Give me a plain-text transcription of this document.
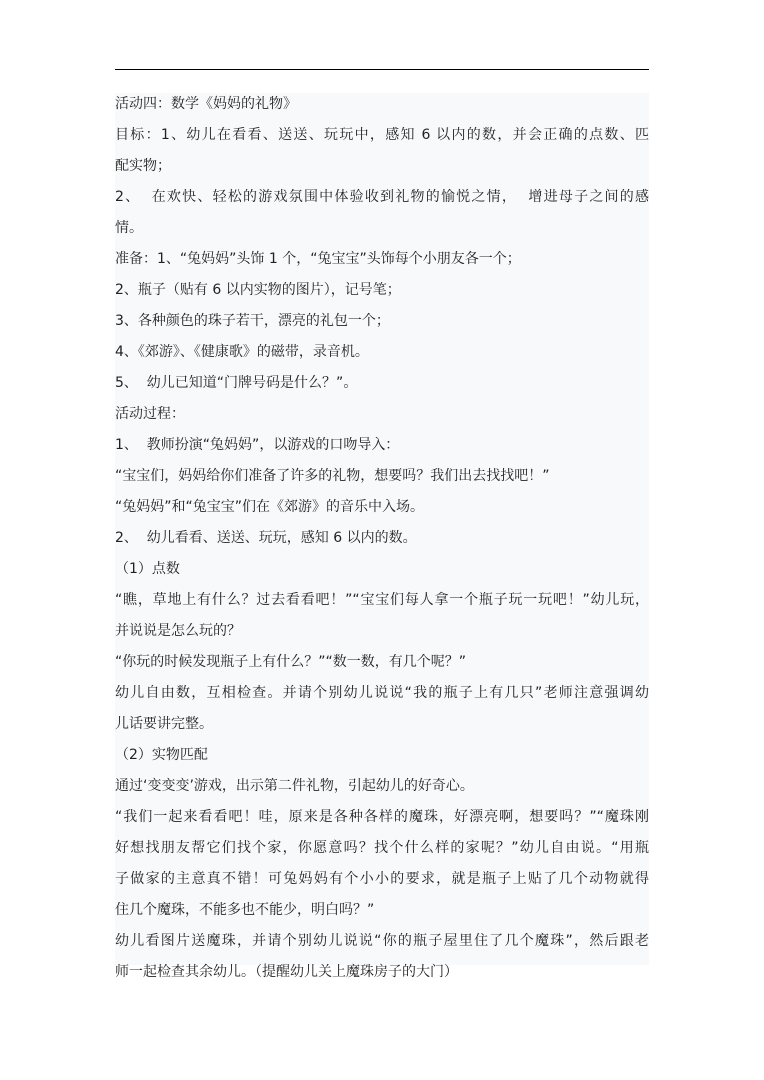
活动四：数学《妈妈的礼物》
目标：1、幼儿在看看、送送、玩玩中，感知 6 以内的数，并会正确的点数、匹
配实物；
2、  在欢快、轻松的游戏氛围中体验收到礼物的愉悦之情，  增进母子之间的感
情。
准备：1、“兔妈妈”头饰 1 个，“兔宝宝”头饰每个小朋友各一个；
2、瓶子（贴有 6 以内实物的图片），记号笔；
3、各种颜色的珠子若干，漂亮的礼包一个；
4、《郊游》、《健康歌》的磁带，录音机。
5、  幼儿已知道“门牌号码是什么？”。
活动过程：
1、  教师扮演“兔妈妈”，以游戏的口吻导入：
“宝宝们，妈妈给你们准备了许多的礼物，想要吗？我们出去找找吧！”
“兔妈妈”和“兔宝宝”们在《郊游》的音乐中入场。
2、  幼儿看看、送送、玩玩，感知 6 以内的数。
（1）点数
“瞧，草地上有什么？过去看看吧！”“宝宝们每人拿一个瓶子玩一玩吧！”幼儿玩，
并说说是怎么玩的？
“你玩的时候发现瓶子上有什么？”“数一数，有几个呢？”
幼儿自由数，互相检查。并请个别幼儿说说“我的瓶子上有几只”老师注意强调幼
儿话要讲完整。
（2）实物匹配
通过‘变变变’游戏，出示第二件礼物，引起幼儿的好奇心。
“我们一起来看看吧！哇，原来是各种各样的魔珠，好漂亮啊，想要吗？”“魔珠刚
好想找朋友帮它们找个家，你愿意吗？找个什么样的家呢？”幼儿自由说。“用瓶
子做家的主意真不错！可兔妈妈有个小小的要求，就是瓶子上贴了几个动物就得
住几个魔珠，不能多也不能少，明白吗？”
幼儿看图片送魔珠，并请个别幼儿说说“你的瓶子屋里住了几个魔珠”，然后跟老
师一起检查其余幼儿。（提醒幼儿关上魔珠房子的大门）
